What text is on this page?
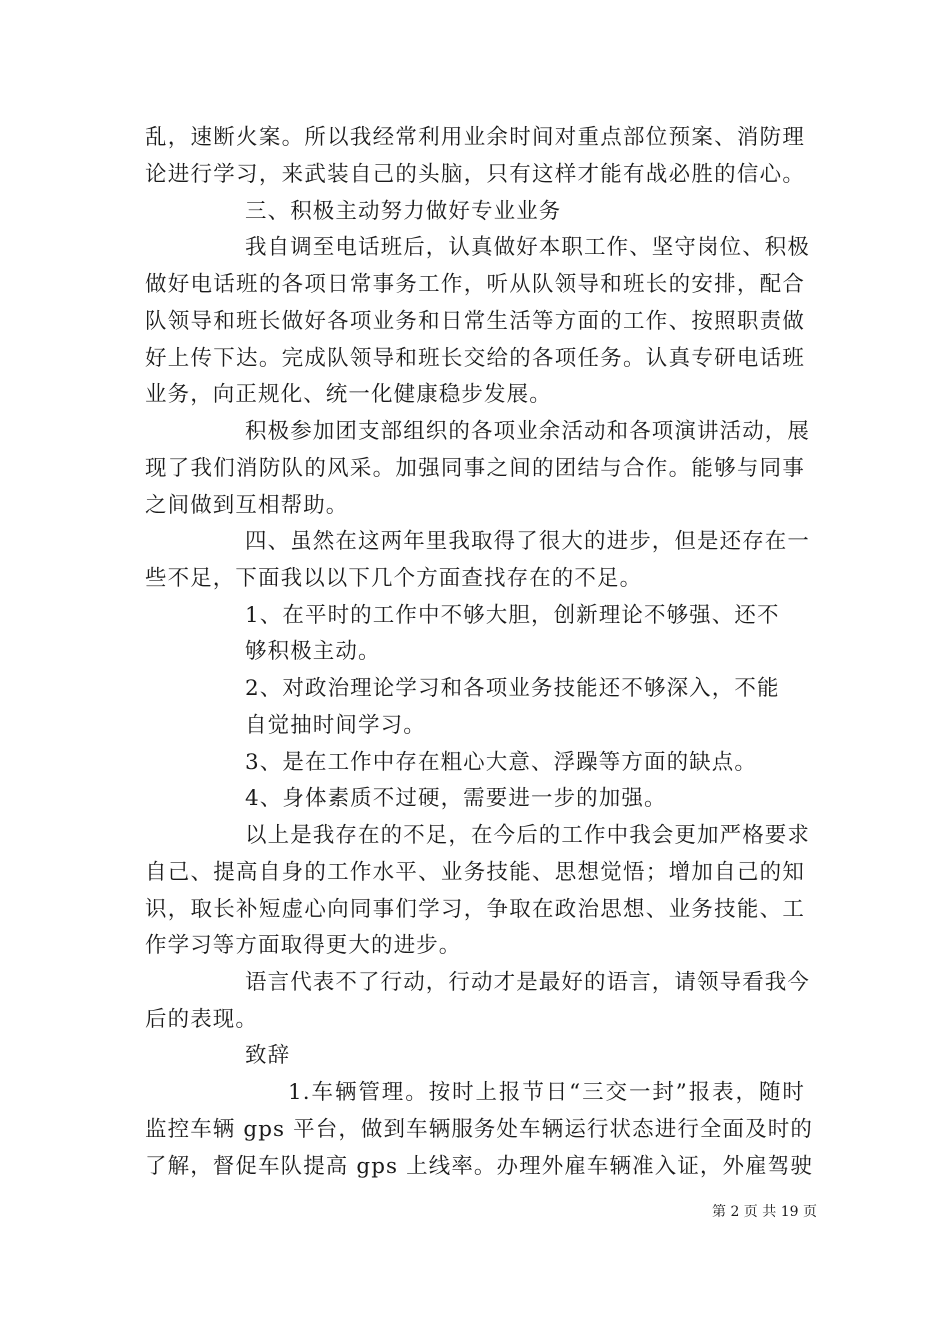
乱，速断火案。所以我经常利用业余时间对重点部位预案、消防理
论进行学习，来武装自己的头脑，只有这样才能有战必胜的信心。
三、积极主动努力做好专业业务
我自调至电话班后，认真做好本职工作、坚守岗位、积极
做好电话班的各项日常事务工作，听从队领导和班长的安排，配合
队领导和班长做好各项业务和日常生活等方面的工作、按照职责做
好上传下达。完成队领导和班长交给的各项任务。认真专研电话班
业务，向正规化、统一化健康稳步发展。
积极参加团支部组织的各项业余活动和各项演讲活动，展
现了我们消防队的风采。加强同事之间的团结与合作。能够与同事
之间做到互相帮助。
四、虽然在这两年里我取得了很大的进步，但是还存在一
些不足，下面我以以下几个方面查找存在的不足。
1、在平时的工作中不够大胆，创新理论不够强、还不
够积极主动。
2、对政治理论学习和各项业务技能还不够深入，不能
自觉抽时间学习。
3、是在工作中存在粗心大意、浮躁等方面的缺点。
4、身体素质不过硬，需要进一步的加强。
以上是我存在的不足，在今后的工作中我会更加严格要求
自己、提高自身的工作水平、业务技能、思想觉悟；增加自己的知
识，取长补短虚心向同事们学习，争取在政治思想、业务技能、工
作学习等方面取得更大的进步。
语言代表不了行动，行动才是最好的语言，请领导看我今
后的表现。
致辞
1.车辆管理。按时上报节日“三交一封”报表，随时
监控车辆 gps 平台，做到车辆服务处车辆运行状态进行全面及时的
了解，督促车队提高 gps 上线率。办理外雇车辆准入证，外雇驾驶
第 2 页 共 19 页
